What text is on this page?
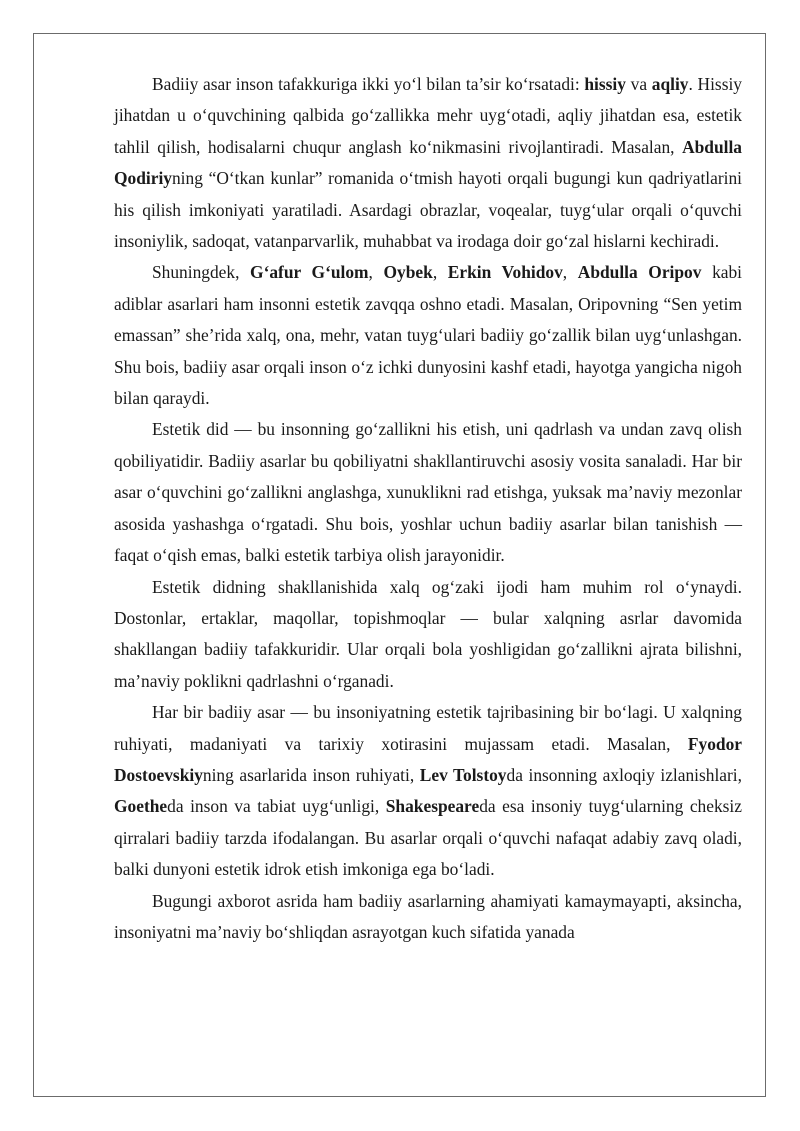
Badiiy asar inson tafakkuriga ikki yo‘l bilan ta’sir ko‘rsatadi: hissiy va aqliy. Hissiy jihatdan u o‘quvchining qalbida go‘zallikka mehr uyg‘otadi, aqliy jihatdan esa, estetik tahlil qilish, hodisalarni chuqur anglash ko‘nikmasini rivojlantiradi. Masalan, Abdulla Qodiriyning “O‘tkan kunlar” romanida o‘tmish hayoti orqali bugungi kun qadriyatlarini his qilish imkoniyati yaratiladi. Asardagi obrazlar, voqealar, tuyg‘ular orqali o‘quvchi insoniylik, sadoqat, vatanparvarlik, muhabbat va irodaga doir go‘zal hislarni kechiradi.

Shuningdek, G‘afur G‘ulom, Oybek, Erkin Vohidov, Abdulla Oripov kabi adiblar asarlari ham insonni estetik zavqqa oshno etadi. Masalan, Oripovning “Sen yetim emassan” she’rida xalq, ona, mehr, vatan tuyg‘ulari badiiy go‘zallik bilan uyg‘unlashgan. Shu bois, badiiy asar orqali inson o‘z ichki dunyosini kashf etadi, hayotga yangicha nigoh bilan qaraydi.

Estetik did — bu insonning go‘zallikni his etish, uni qadrlash va undan zavq olish qobiliyatidir. Badiiy asarlar bu qobiliyatni shakllantiruvchi asosiy vosita sanaladi. Har bir asar o‘quvchini go‘zallikni anglashga, xunuklikni rad etishga, yuksak ma’naviy mezonlar asosida yashashga o‘rgatadi. Shu bois, yoshlar uchun badiiy asarlar bilan tanishish — faqat o‘qish emas, balki estetik tarbiya olish jarayonidir.

Estetik didning shakllanishida xalq og‘zaki ijodi ham muhim rol o‘ynaydi. Dostonlar, ertaklar, maqollar, topishmoqlar — bular xalqning asrlar davomida shakllangan badiiy tafakkuridir. Ular orqali bola yoshligidan go‘zallikni ajrata bilishni, ma’naviy poklikni qadrlashni o‘rganadi.

Har bir badiiy asar — bu insoniyatning estetik tajribasining bir bo‘lagi. U xalqning ruhiyati, madaniyati va tarixiy xotirasini mujassam etadi. Masalan, Fyodor Dostoevskiyning asarlarida inson ruhiyati, Lev Tolstoyda insonning axloqiy izlanishlari, Goetheda inson va tabiat uyg‘unligi, Shakespeareda esa insoniy tuyg‘ularning cheksiz qirralari badiiy tarzda ifodalangan. Bu asarlar orqali o‘quvchi nafaqat adabiy zavq oladi, balki dunyoni estetik idrok etish imkoniga ega bo‘ladi.

Bugungi axborot asrida ham badiiy asarlarning ahamiyati kamaymayapti, aksincha, insoniyatni ma’naviy bo‘shliqdan asrayotgan kuch sifatida yanada
